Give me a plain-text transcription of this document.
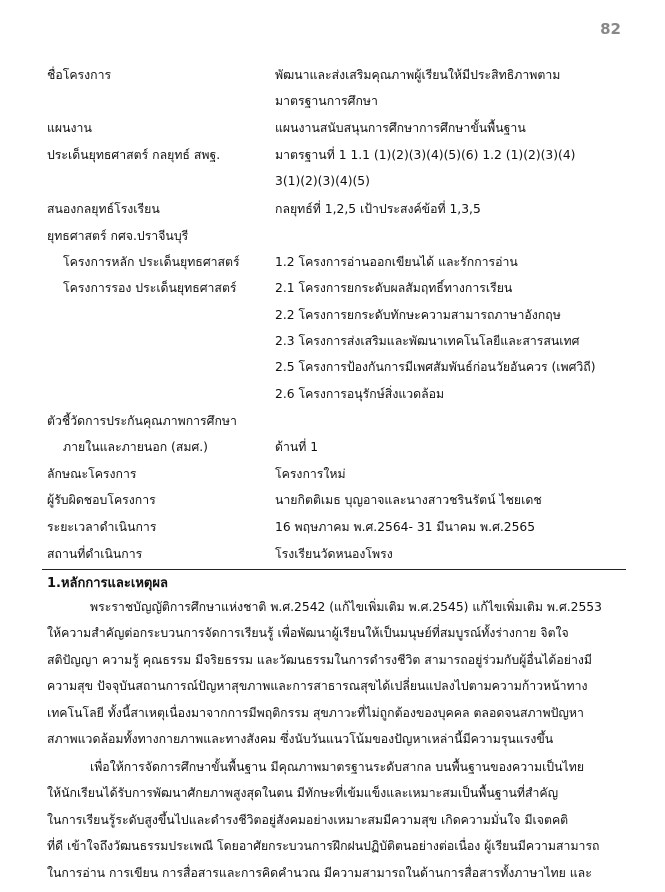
82
ชื่อโครงการ	พัฒนาและส่งเสริมคุณภาพผู้เรียนให้มีประสิทธิภาพตาม
มาตรฐานการศึกษา
แผนงาน	แผนงานสนับสนุนการศึกษาการศึกษาขั้นพื้นฐาน
ประเด็นยุทธศาสตร์ กลยุทธ์ สพฐ.	มาตรฐานที่ 1 1.1 (1)(2)(3)(4)(5)(6) 1.2 (1)(2)(3)(4)
3(1)(2)(3)(4)(5)
สนองกลยุทธ์โรงเรียน	กลยุทธ์ที่ 1,2,5 เป้าประสงค์ข้อที่ 1,3,5
ยุทธศาสตร์ กศจ.ปราจีนบุรี
โครงการหลัก ประเด็นยุทธศาสตร์	1.2 โครงการอ่านออกเขียนได้ และรักการอ่าน
โครงการรอง ประเด็นยุทธศาสตร์	2.1 โครงการยกระดับผลสัมฤทธิ์ทางการเรียน
2.2 โครงการยกระดับทักษะความสามารถภาษาอังกฤษ
2.3 โครงการส่งเสริมและพัฒนาเทคโนโลยีและสารสนเทศ
2.5 โครงการป้องกันการมีเพศสัมพันธ์ก่อนวัยอันควร (เพศวิถี)
2.6 โครงการอนุรักษ์สิ่งแวดล้อม
ตัวชี้วัดการประกันคุณภาพการศึกษา
ภายในและภายนอก (สมศ.)	ด้านที่ 1
ลักษณะโครงการ	โครงการใหม่
ผู้รับผิดชอบโครงการ	นายกิตติเมธ บุญอาจและนางสาวชรินรัตน์ ไชยเดช
ระยะเวลาดำเนินการ	16 พฤษภาคม พ.ศ.2564- 31 มีนาคม พ.ศ.2565
สถานที่ดำเนินการ	โรงเรียนวัดหนองโพรง
1.หลักการและเหตุผล
พระราชบัญญัติการศึกษาแห่งชาติ พ.ศ.2542 (แก้ไขเพิ่มเติม พ.ศ.2545) แก้ไขเพิ่มเติม พ.ศ.2553
ให้ความสำคัญต่อกระบวนการจัดการเรียนรู้ เพื่อพัฒนาผู้เรียนให้เป็นมนุษย์ที่สมบูรณ์ทั้งร่างกาย จิตใจ
สติปัญญา ความรู้ คุณธรรม มีจริยธรรม และวัฒนธรรมในการดำรงชีวิต สามารถอยู่ร่วมกับผู้อื่นได้อย่างมี
ความสุข ปัจจุบันสถานการณ์ปัญหาสุขภาพและการสาธารณสุขได้เปลี่ยนแปลงไปตามความก้าวหน้าทาง
เทคโนโลยี ทั้งนี้สาเหตุเนื่องมาจากการมีพฤติกรรม สุขภาวะที่ไม่ถูกต้องของบุคคล ตลอดจนสภาพปัญหา
สภาพแวดล้อมทั้งทางกายภาพและทางสังคม ซึ่งนับวันแนวโน้มของปัญหาเหล่านี้มีความรุนแรงขึ้น
เพื่อให้การจัดการศึกษาขั้นพื้นฐาน มีคุณภาพมาตรฐานระดับสากล บนพื้นฐานของความเป็นไทย
ให้นักเรียนได้รับการพัฒนาศักยภาพสูงสุดในตน มีทักษะที่เข้มแข็งและเหมาะสมเป็นพื้นฐานที่สำคัญ
ในการเรียนรู้ระดับสูงขึ้นไปและดำรงชีวิตอยู่สังคมอย่างเหมาะสมมีความสุข เกิดความมั่นใจ มีเจตคติ
ที่ดี เข้าใจถึงวัฒนธรรมประเพณี โดยอาศัยกระบวนการฝึกฝนปฏิบัติตนอย่างต่อเนื่อง ผู้เรียนมีความสามารถ
ในการอ่าน การเขียน การสื่อสารและการคิดคำนวณ มีความสามารถในด้านการสื่อสารทั้งภาษาไทย และ
